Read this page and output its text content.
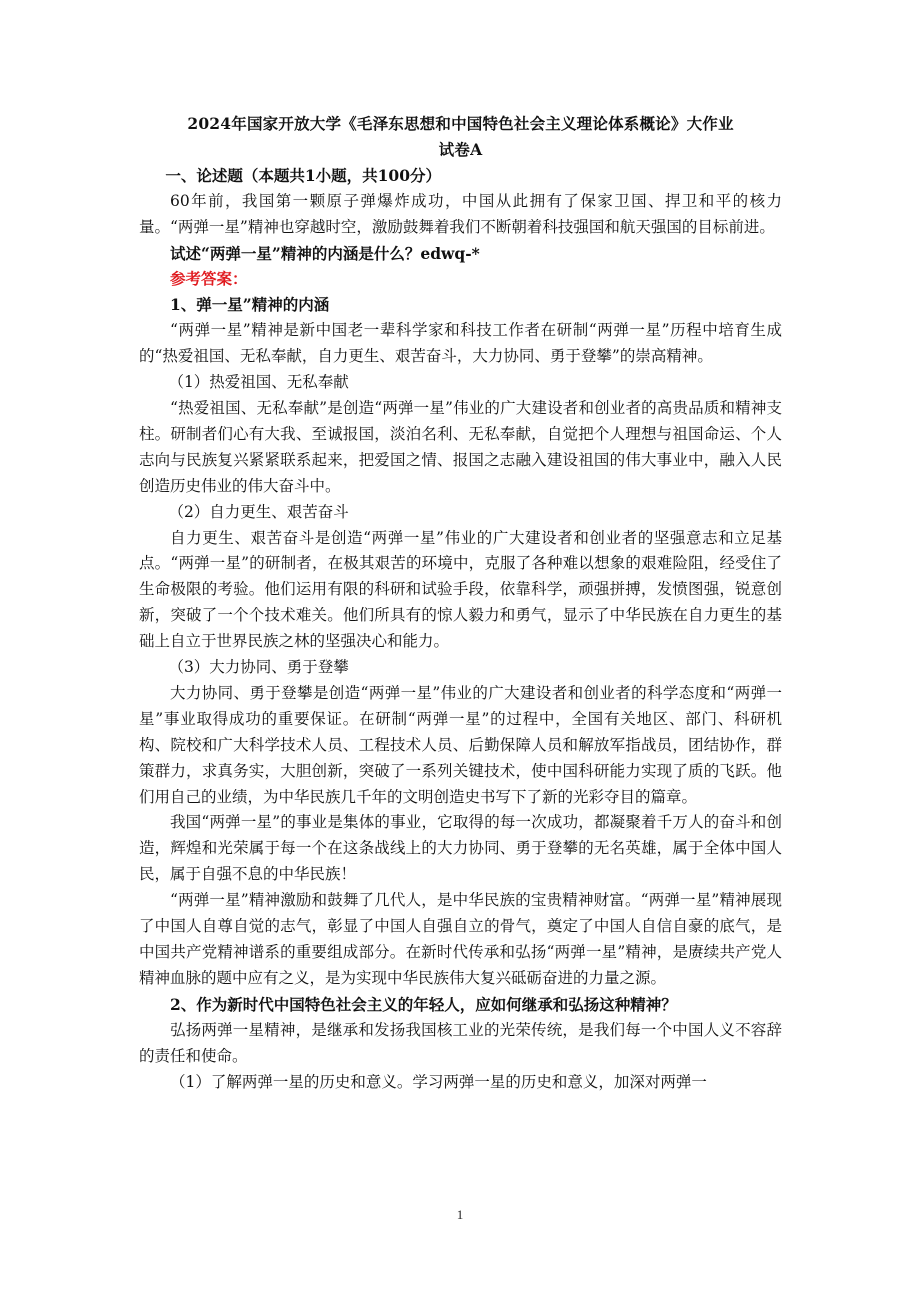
2024年国家开放大学《毛泽东思想和中国特色社会主义理论体系概论》大作业

试卷A

一、论述题（本题共1小题，共100分）

60年前，我国第一颗原子弹爆炸成功，中国从此拥有了保家卫国、捍卫和平的核力量。“两弹一星”精神也穿越时空，激励鼓舞着我们不断朝着科技强国和航天强国的目标前进。

试述“两弹一星”精神的内涵是什么？edwq-*

参考答案：

1、弹一星”精神的内涵

“两弹一星”精神是新中国老一辈科学家和科技工作者在研制“两弹一星”历程中培育生成的“热爱祖国、无私奉献，自力更生、艰苦奋斗，大力协同、勇于登攀”的崇高精神。

（1）热爱祖国、无私奉献

“热爱祖国、无私奉献”是创造“两弹一星”伟业的广大建设者和创业者的高贵品质和精神支柱。研制者们心有大我、至诚报国，淡泊名利、无私奉献，自觉把个人理想与祖国命运、个人志向与民族复兴紧紧联系起来，把爱国之情、报国之志融入建设祖国的伟大事业中，融入人民创造历史伟业的伟大奋斗中。

（2）自力更生、艰苦奋斗

自力更生、艰苦奋斗是创造“两弹一星”伟业的广大建设者和创业者的坚强意志和立足基点。“两弹一星”的研制者，在极其艰苦的环境中，克服了各种难以想象的艰难险阻，经受住了生命极限的考验。他们运用有限的科研和试验手段，依靠科学，顽强拼搏，发愤图强，锐意创新，突破了一个个技术难关。他们所具有的惊人毅力和勇气，显示了中华民族在自力更生的基础上自立于世界民族之林的坚强决心和能力。

（3）大力协同、勇于登攀

大力协同、勇于登攀是创造“两弹一星”伟业的广大建设者和创业者的科学态度和“两弹一星”事业取得成功的重要保证。在研制“两弹一星”的过程中，全国有关地区、部门、科研机构、院校和广大科学技术人员、工程技术人员、后勤保障人员和解放军指战员，团结协作，群策群力，求真务实，大胆创新，突破了一系列关键技术，使中国科研能力实现了质的飞跃。他们用自己的业绩，为中华民族几千年的文明创造史书写下了新的光彩夺目的篇章。

我国“两弹一星”的事业是集体的事业，它取得的每一次成功，都凝聚着千万人的奋斗和创造，辉煌和光荣属于每一个在这条战线上的大力协同、勇于登攀的无名英雄，属于全体中国人民，属于自强不息的中华民族！

“两弹一星”精神激励和鼓舞了几代人，是中华民族的宝贵精神财富。“两弹一星”精神展现了中国人自尊自觉的志气，彰显了中国人自强自立的骨气，奠定了中国人自信自豪的底气，是中国共产党精神谱系的重要组成部分。在新时代传承和弘扬“两弹一星”精神，是赓续共产党人精神血脉的题中应有之义，是为实现中华民族伟大复兴砥砺奋进的力量之源。

2、作为新时代中国特色社会主义的年轻人，应如何继承和弘扬这种精神？

弘扬两弹一星精神，是继承和发扬我国核工业的光荣传统，是我们每一个中国人义不容辞的责任和使命。

（1）了解两弹一星的历史和意义。学习两弹一星的历史和意义，加深对两弹一

1
